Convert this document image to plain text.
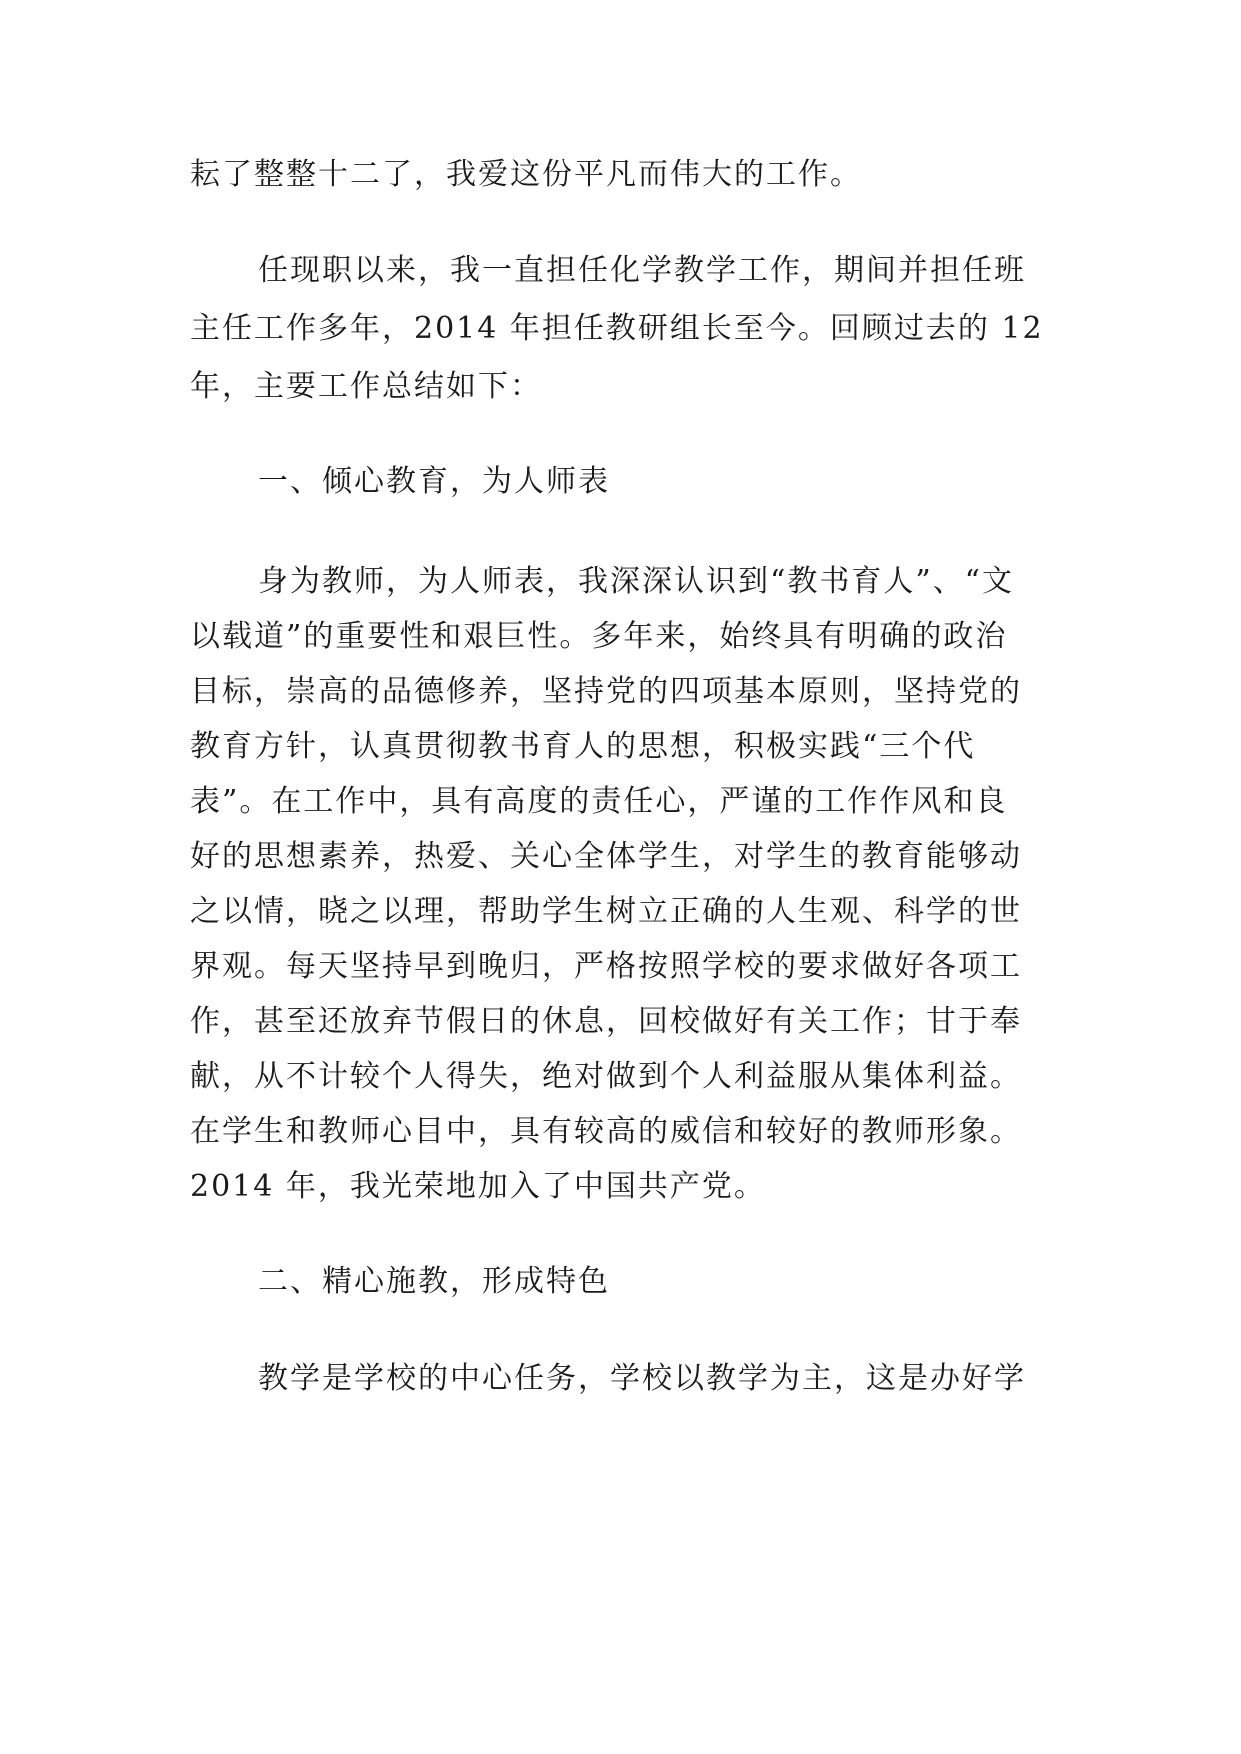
耘了整整十二了，我爱这份平凡而伟大的工作。
任现职以来，我一直担任化学教学工作，期间并担任班
主任工作多年，2014 年担任教研组长至今。回顾过去的 12
年，主要工作总结如下：
一、倾心教育，为人师表
身为教师，为人师表，我深深认识到“教书育人”、“文
以载道”的重要性和艰巨性。多年来，始终具有明确的政治
目标，崇高的品德修养，坚持党的四项基本原则，坚持党的
教育方针，认真贯彻教书育人的思想，积极实践“三个代
表”。在工作中，具有高度的责任心，严谨的工作作风和良
好的思想素养，热爱、关心全体学生，对学生的教育能够动
之以情，晓之以理，帮助学生树立正确的人生观、科学的世
界观。每天坚持早到晚归，严格按照学校的要求做好各项工
作，甚至还放弃节假日的休息，回校做好有关工作；甘于奉
献，从不计较个人得失，绝对做到个人利益服从集体利益。
在学生和教师心目中，具有较高的威信和较好的教师形象。
2014 年，我光荣地加入了中国共产党。
二、精心施教，形成特色
教学是学校的中心任务，学校以教学为主，这是办好学
